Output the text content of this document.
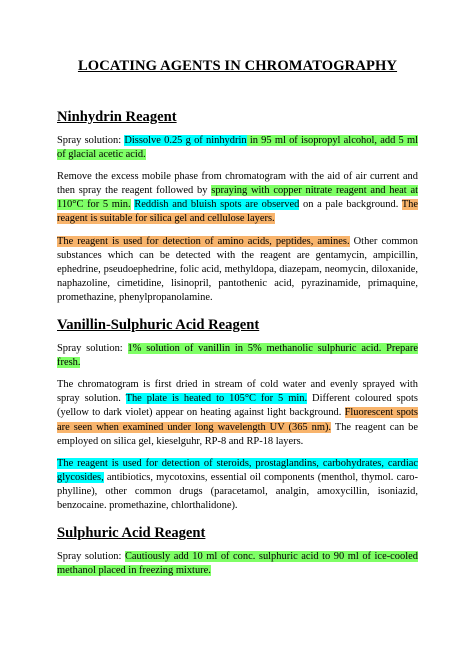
LOCATING AGENTS IN CHROMATOGRAPHY
Ninhydrin Reagent

Spray solution: Dissolve 0.25 g of ninhydrin in 95 ml of isopropyl alcohol, add 5 ml of glacial acetic acid.

Remove the excess mobile phase from chromatogram with the aid of air current and then spray the reagent followed by spraying with copper nitrate reagent and heat at 110°C for 5 min. Reddish and bluish spots are observed on a pale background. The reagent is suitable for silica gel and cellulose layers.

The reagent is used for detection of amino acids, peptides, amines. Other common substances which can be detected with the reagent are gentamycin, ampicillin, ephedrine, pseudoephedrine, folic acid, methyldopa, diazepam, neomycin, diloxanide, naphazoline, cimetidine, lisinopril, pantothenic acid, pyrazinamide, primaquine, promethazine, phenylpropanolamine.

Vanillin-Sulphuric Acid Reagent

Spray solution: 1% solution of vanillin in 5% methanolic sulphuric acid. Prepare fresh.

The chromatogram is first dried in stream of cold water and evenly sprayed with spray solution. The plate is heated to 105°C for 5 min. Different coloured spots (yellow to dark violet) appear on heating against light background. Fluorescent spots are seen when examined under long wavelength UV (365 nm). The reagent can be employed on silica gel, kieselguhr, RP-8 and RP-18 layers.

The reagent is used for detection of steroids, prostaglandins, carbohydrates, cardiac glycosides, antibiotics, mycotoxins, essential oil components (menthol, thymol. caro- phylline), other common drugs (paracetamol, analgin, amoxycillin, isoniazid, benzocaine. promethazine, chlorthalidone).

Sulphuric Acid Reagent

Spray solution: Cautiously add 10 ml of conc. sulphuric acid to 90 ml of ice-cooled methanol placed in freezing mixture.
